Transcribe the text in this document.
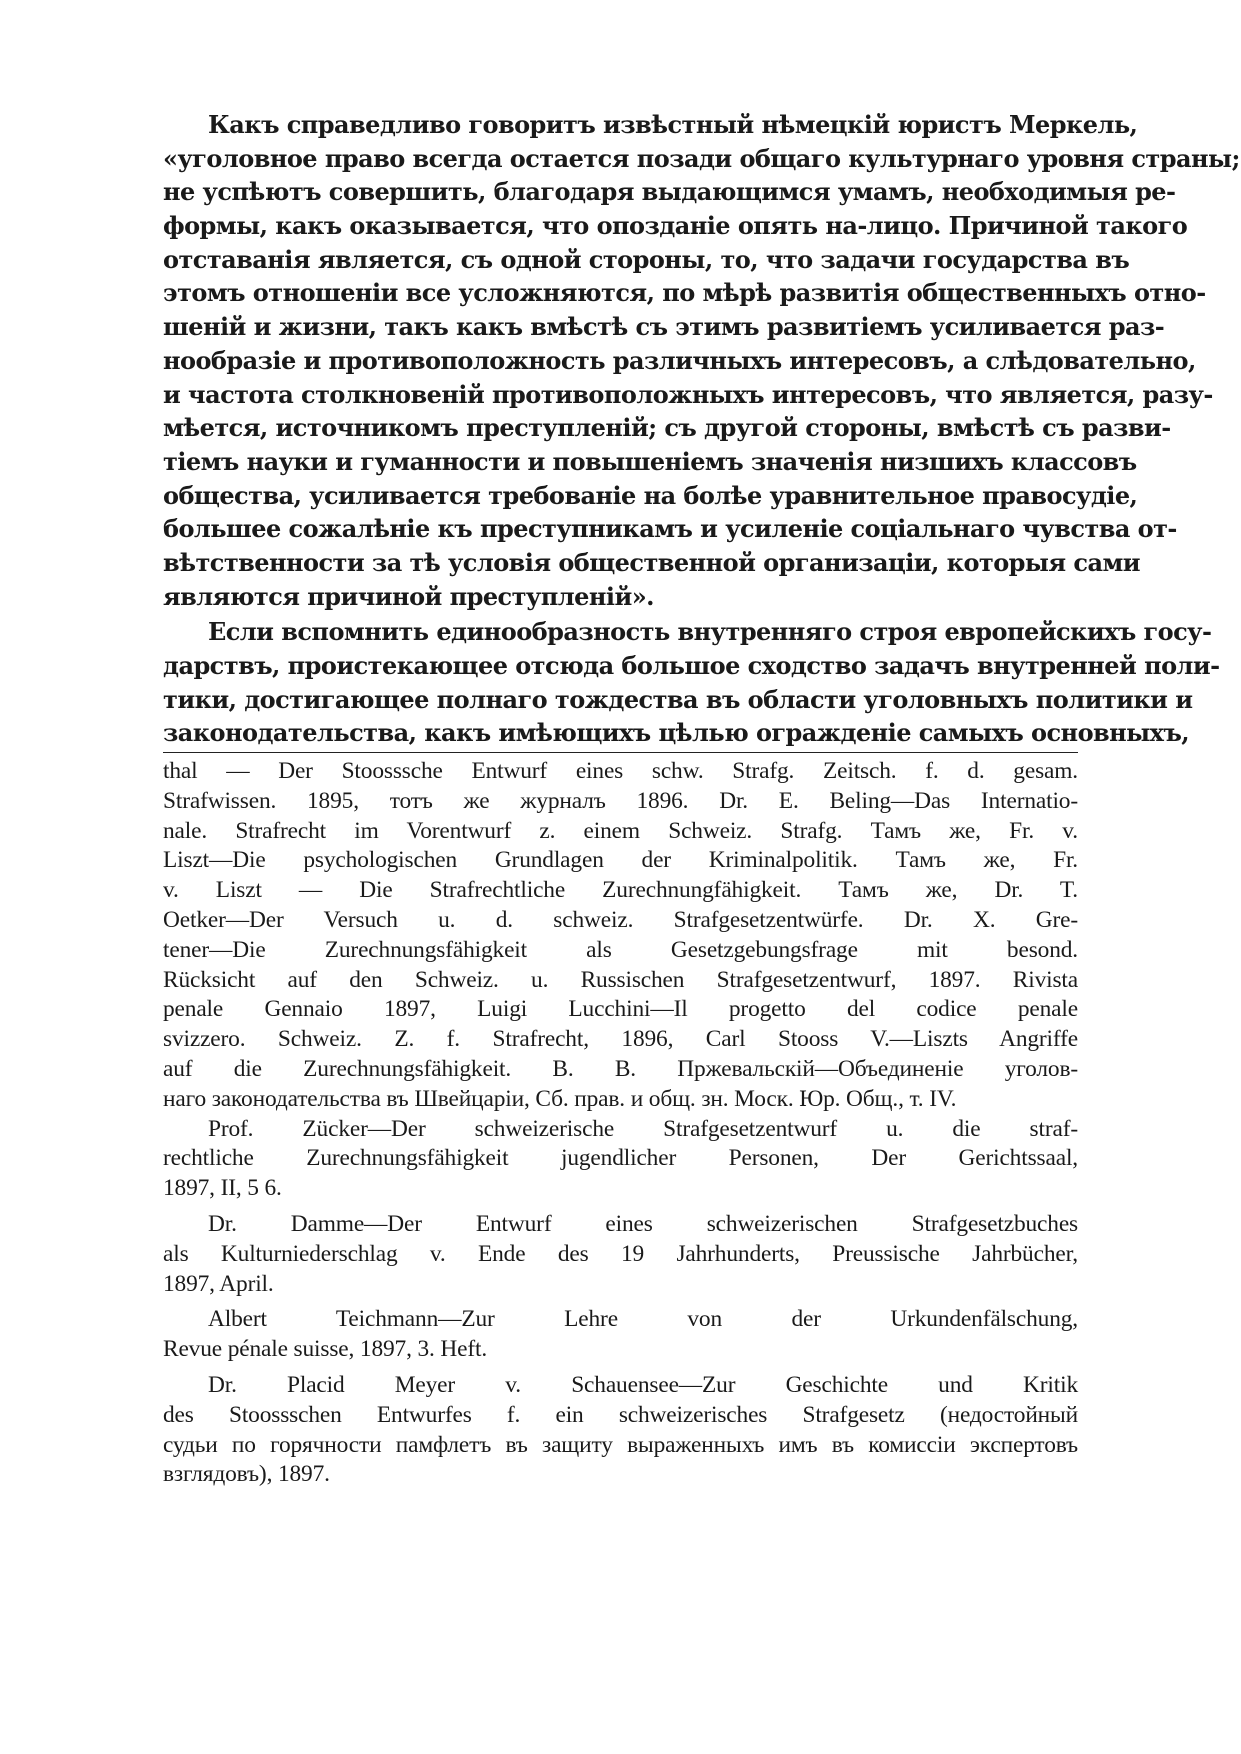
Какъ справедливо говоритъ извѣстный нѣмецкій юристъ Меркель,
«уголовное право всегда остается позади общаго культурнаго уровня страны;
не успѣютъ совершить, благодаря выдающимся умамъ, необходимыя ре-
формы, какъ оказывается, что опозданіе опять на-лицо. Причиной такого
отставанія является, съ одной стороны, то, что задачи государства въ
этомъ отношеніи все усложняются, по мѣрѣ развитія общественныхъ отно-
шеній и жизни, такъ какъ вмѣстѣ съ этимъ развитіемъ усиливается раз-
нообразіе и противоположность различныхъ интересовъ, а слѣдовательно,
и частота столкновеній противоположныхъ интересовъ, что является, разу-
мѣется, источникомъ преступленій; съ другой стороны, вмѣстѣ съ разви-
тіемъ науки и гуманности и повышеніемъ значенія низшихъ классовъ
общества, усиливается требованіе на болѣе уравнительное правосудіе,
большее сожалѣніе къ преступникамъ и усиленіе соціальнаго чувства от-
вѣтственности за тѣ условія общественной организаціи, которыя сами
являются причиной преступленій».
Если вспомнить единообразность внутренняго строя европейскихъ госу-
дарствъ, проистекающее отсюда большое сходство задачъ внутренней поли-
тики, достигающее полнаго тождества въ области уголовныхъ политики и
законодательства, какъ имѣющихъ цѣлью огражденіе самыхъ основныхъ,
thal — Der Stoosssche Entwurf eines schw. Strafg. Zeitsch. f. d. gesam.
Strafwissen. 1895, тотъ же журналъ 1896. Dr. E. Beling—Das Internatio-
nale. Strafrecht im Vorentwurf z. einem Schweiz. Strafg. Тамъ же, Fr. v.
Liszt—Die psychologischen Grundlagen der Kriminalpolitik. Тамъ же, Fr.
v. Liszt — Die Strafrechtliche Zurechnungfähigkeit. Тамъ же, Dr. T.
Oetker—Der Versuch u. d. schweiz. Strafgesetzentwürfe. Dr. X. Gre-
tener—Die Zurechnungsfähigkeit als Gesetzgebungsfrage mit besond.
Rücksicht auf den Schweiz. u. Russischen Strafgesetzentwurf, 1897. Rivista
penale Gennaio 1897, Luigi Lucchini—Il progetto del codice penale
svizzero. Schweiz. Z. f. Strafrecht, 1896, Carl Stooss V.—Liszts Angriffe
auf die Zurechnungsfähigkeit. В. В. Пржевальскій—Объединеніе уголов-
наго законодательства въ Швейцаріи, Сб. прав. и общ. зн. Моск. Юр. Общ., т. IV.
Prof. Zücker—Der schweizerische Strafgesetzentwurf u. die straf-
rechtliche Zurechnungsfähigkeit jugendlicher Personen, Der Gerichtssaal,
1897, II, 5 6.
Dr. Damme—Der Entwurf eines schweizerischen Strafgesetzbuches
als Kulturniederschlag v. Ende des 19 Jahrhunderts, Preussische Jahrbücher,
1897, April.
Albert Teichmann—Zur Lehre von der Urkundenfälschung,
Revue pénale suisse, 1897, 3. Heft.
Dr. Placid Meyer v. Schauensee—Zur Geschichte und Kritik
des Stoossschen Entwurfes f. ein schweizerisches Strafgesetz (недостойный
судьи по горячности памфлетъ въ защиту выраженныхъ имъ въ комиссіи экспертовъ
взглядовъ), 1897.
